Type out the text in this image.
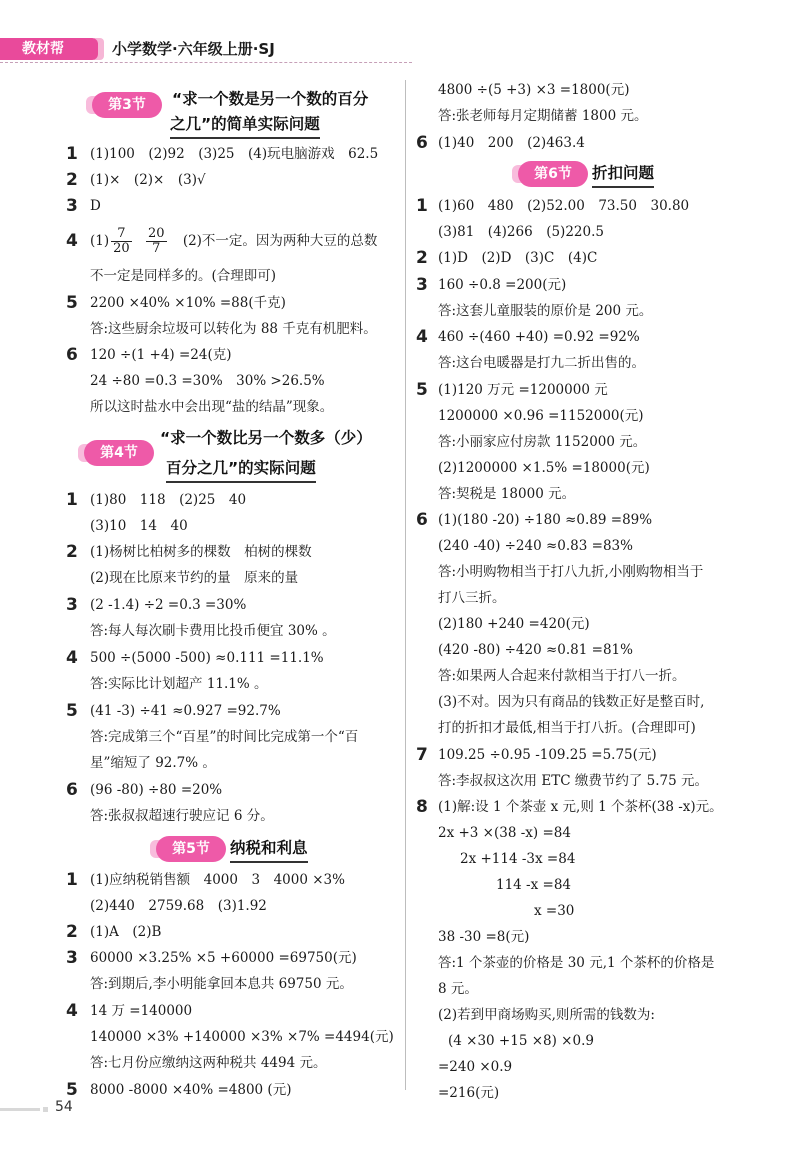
教材帮	小学数学·六年级上册·SJ
第3节	“求一个数是另一个数的百分
之几”的简单实际问题
1 (1)100　(2)92　(3)25　(4)玩电脑游戏　62.5
2 (1)×　(2)×　(3)√
3 D
4 $(1) \frac{7}{20}$
$\frac{20}{7} (2)$不一定。因为两种大豆的总数
不一定是同样多的。(合理即可)
5 2200 ×40% ×10% =88(千克)
答:这些厨余垃圾可以转化为 88 千克有机肥料。
6 120 ÷(1 +4) =24(克)
24 ÷80 =0.3 =30%　30% >26.5%
所以这时盐水中会出现“盐的结晶”现象。
第4节
“求一个数比另一个数多（少）
百分之几”的实际问题
1 (1)80　118　(2)25　40
(3)10　14　40
2 (1)杨树比柏树多的棵数　柏树的棵数
(2)现在比原来节约的量　原来的量
3 (2 -1.4) ÷2 =0.3 =30%
答:每人每次刷卡费用比投币便宜 30% 。
4 500 ÷(5000 -500) ≈0.111 =11.1%
答:实际比计划超产 11.1% 。
5 (41 -3) ÷41 ≈0.927 =92.7%
答:完成第三个“百星”的时间比完成第一个“百
星”缩短了 92.7% 。
6 (96 -80) ÷80 =20%
答:张叔叔超速行驶应记 6 分。
第5节	纳税和利息
1 (1)应纳税销售额　4000　3　4000 ×3%
(2)440　2759.68　(3)1.92
2 (1)A　(2)B
3 60000 ×3.25% ×5 +60000 =69750(元)
答:到期后,李小明能拿回本息共 69750 元。
4 14 万 =140000
140000 ×3% +140000 ×3% ×7% =4494(元)
答:七月份应缴纳这两种税共 4494 元。
5 8000 -8000 ×40% =4800 (元)
4800 ÷(5 +3) ×3 =1800(元)
答:张老师每月定期储蓄 1800 元。
6 (1)40　200　(2)463.4
第6节	折扣问题
1 (1)60　480　(2)52.00　73.50　30.80
(3)81　(4)266　(5)220.5
2 (1)D　(2)D　(3)C　(4)C
3 160 ÷0.8 =200(元)
答:这套儿童服装的原价是 200 元。
4 460 ÷(460 +40) =0.92 =92%
答:这台电暖器是打九二折出售的。
5 (1)120 万元 =1200000 元
1200000 ×0.96 =1152000(元)
答:小丽家应付房款 1152000 元。
(2)1200000 ×1.5% =18000(元)
答:契税是 18000 元。
6 (1)(180 -20) ÷180 ≈0.89 =89%
(240 -40) ÷240 ≈0.83 =83%
答:小明购物相当于打八九折,小刚购物相当于
打八三折。
(2)180 +240 =420(元)
(420 -80) ÷420 ≈0.81 =81%
答:如果两人合起来付款相当于打八一折。
(3)不对。因为只有商品的钱数正好是整百时,
打的折扣才最低,相当于打八折。(合理即可)
7 109.25 ÷0.95 -109.25 =5.75(元)
答:李叔叔这次用 ETC 缴费节约了 5.75 元。
8 (1)解:设 1 个茶壶 x 元,则 1 个茶杯(38 -x)元。
2x +3 ×(38 -x) =84
2x +114 -3x =84
114 -x =84
x =30
38 -30 =8(元)
答:1 个茶壶的价格是 30 元,1 个茶杯的价格是
8 元。
(2)若到甲商场购买,则所需的钱数为:
(4 ×30 +15 ×8) ×0.9
=240 ×0.9
=216(元)
54
